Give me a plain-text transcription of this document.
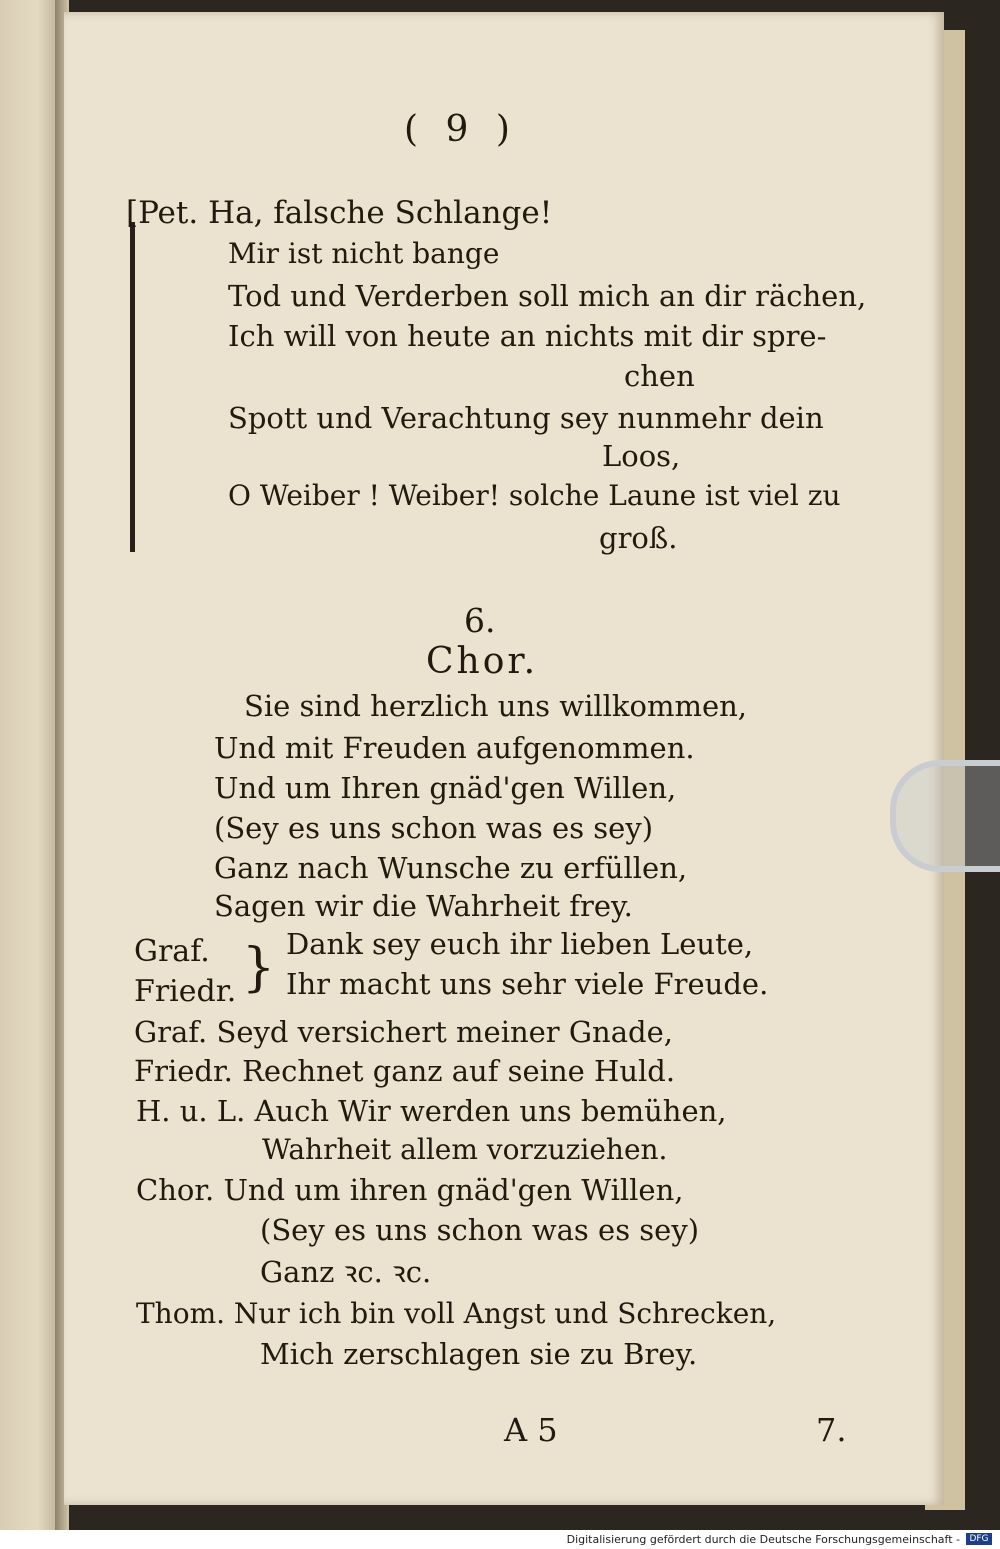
( 9 )
[Pet. Ha, falsche Schlange!
Mir ist nicht bange
Tod und Verderben soll mich an dir rächen,
Ich will von heute an nichts mit dir spre-
chen
Spott und Verachtung sey nunmehr dein
Loos,
O Weiber ! Weiber! solche Laune ist viel zu
groß.
6.
Chor.
Sie sind herzlich uns willkommen,
Und mit Freuden aufgenommen.
Und um Ihren gnäd'gen Willen,
(Sey es uns schon was es sey)
Ganz nach Wunsche zu erfüllen,
Sagen wir die Wahrheit frey.
Graf.	Dank sey euch ihr lieben Leute,
Friedr. Ihr macht uns sehr viele Freude.
}
Graf. Seyd versichert meiner Gnade,
Friedr. Rechnet ganz auf seine Huld.
H. u. L. Auch Wir werden uns bemühen,
Wahrheit allem vorzuziehen.
Chor. Und um ihren gnäd'gen Willen,
(Sey es uns schon was es sey)
Ganz ꝛc. ꝛc.
Thom. Nur ich bin voll Angst und Schrecken,
Mich zerschlagen sie zu Brey.
A 5	7.
Digitalisierung gefördert durch die Deutsche Forschungsgemeinschaft -	DFG
